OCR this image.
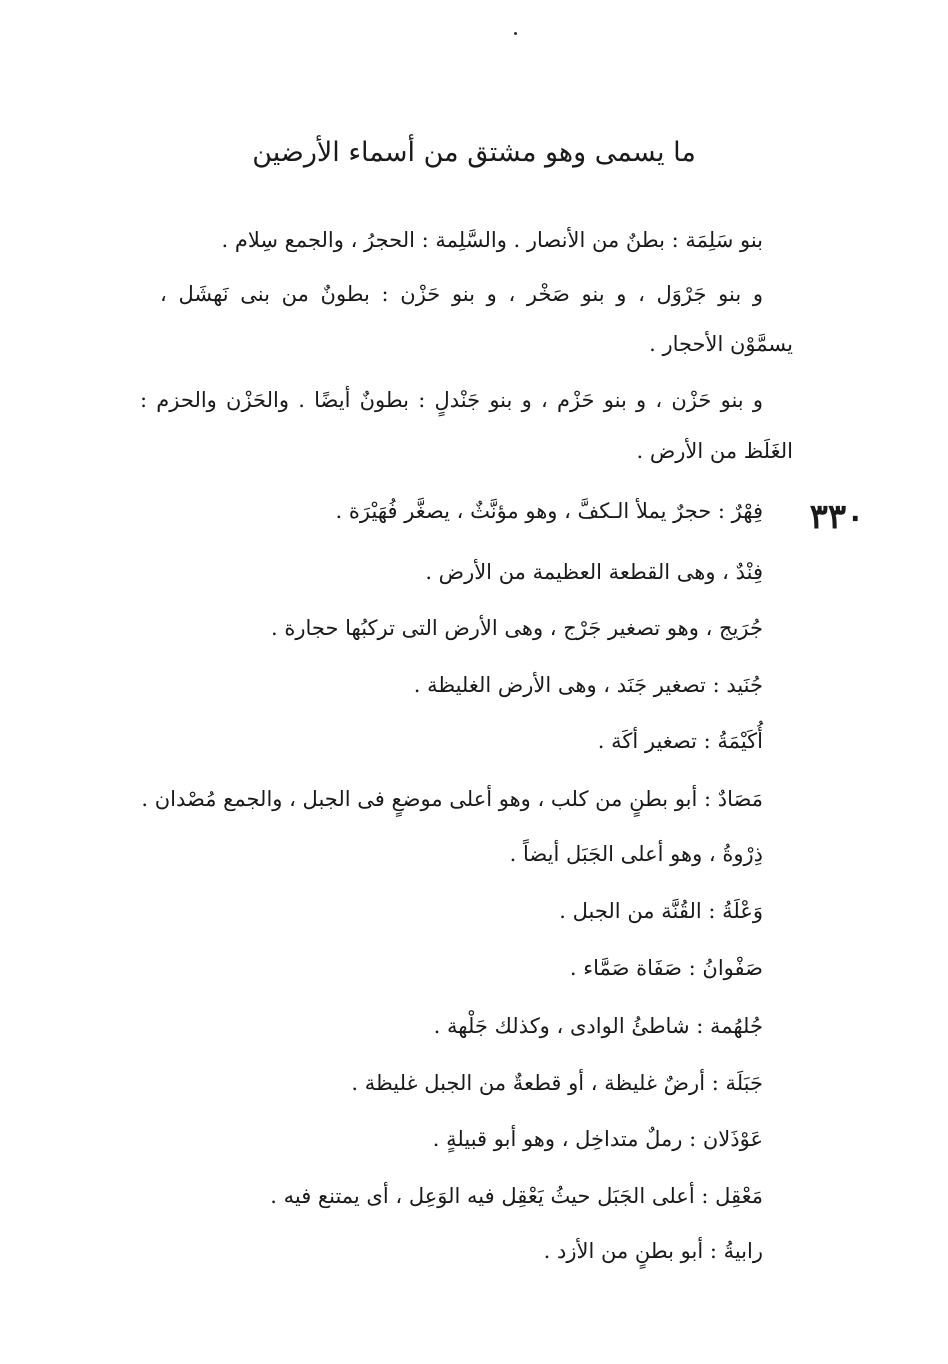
ما يسمى وهو مشتق من أسماء الأرضين
بنو سَلِمَة : بطنٌ من الأنصار . والسَّلِمة : الحجرُ ، والجمع سِلام .
و بنو جَرْوَل ، و بنو صَخْر ، و بنو حَزْن : بطونٌ من بنى نَهشَل ،
يسمَّوْن الأحجار .
و بنو حَزْن ، و بنو حَزْم ، و بنو جَنْدلٍ : بطونٌ أيضًا . والحَزْن والحزم :
الغَلَظ من الأرض .
٣٣٠
فِهْرٌ : حجرٌ يملأ الـكفَّ ، وهو مؤنَّثٌ ، يصغَّر فُهَيْرَة .
فِنْدٌ ، وهى القطعة العظيمة من الأرض .
جُرَيج ، وهو تصغير جَرْج ، وهى الأرض التى تركبُها حجارة .
جُنَيد : تصغير جَنَد ، وهى الأرض الغليظة .
أُكَيْمَةُ : تصغير أكَة .
مَصَادٌ : أبو بطنٍ من كلب ، وهو أعلى موضعٍ فى الجبل ، والجمع مُصْدان .
ذِرْوةُ ، وهو أعلى الجَبَل أيضاً .
وَعْلَةُ : القُنَّة من الجبل .
صَفْوانُ : صَفَاة صَمَّاء .
جُلهُمة : شاطئُ الوادى ، وكذلك جَلْهة .
جَبَلَة : أرضٌ غليظة ، أو قطعةٌ من الجبل غليظة .
عَوْذَلان : رملٌ متداخِل ، وهو أبو قبيلةٍ .
مَعْقِل : أعلى الجَبَل حيثُ يَعْقِل فيه الوَعِل ، أى يمتنع فيه .
رابيةُ : أبو بطنٍ من الأزد .
